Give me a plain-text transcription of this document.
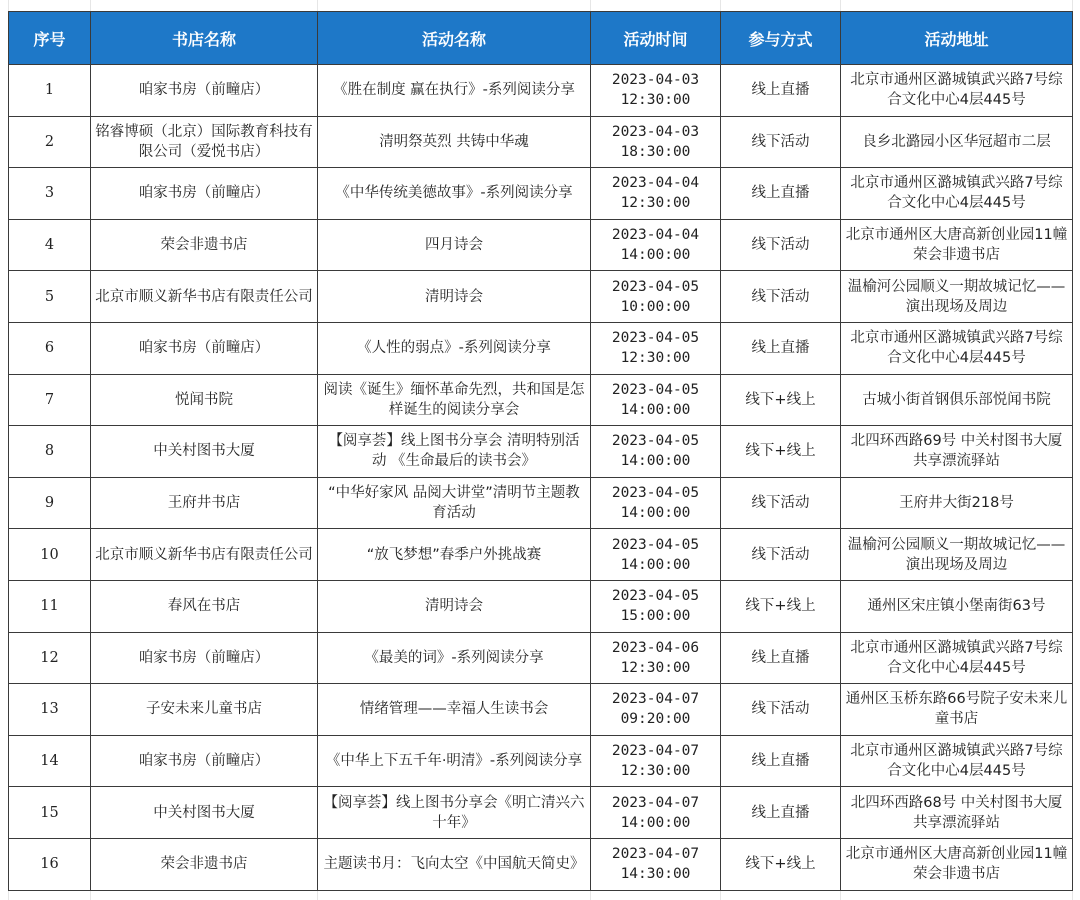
序号	书店名称	活动名称	活动时间	参与方式	活动地址
1	咱家书房（前疃店）	《胜在制度 赢在执行》-系列阅读分享	2023-04-03
12:30:00	线上直播	北京市通州区潞城镇武兴路7号综合文化中心4层445号
2	铭睿博硕（北京）国际教育科技有限公司（爱悦书店）	清明祭英烈 共铸中华魂	2023-04-03
18:30:00	线下活动	良乡北潞园小区华冠超市二层
3	咱家书房（前疃店）	《中华传统美德故事》-系列阅读分享	2023-04-04
12:30:00	线上直播	北京市通州区潞城镇武兴路7号综合文化中心4层445号
4	荣会非遗书店	四月诗会	2023-04-04
14:00:00	线下活动	北京市通州区大唐高新创业园11幢荣会非遗书店
5	北京市顺义新华书店有限责任公司	清明诗会	2023-04-05
10:00:00	线下活动	温榆河公园顺义一期故城记忆——演出现场及周边
6	咱家书房（前疃店）	《人性的弱点》-系列阅读分享	2023-04-05
12:30:00	线上直播	北京市通州区潞城镇武兴路7号综合文化中心4层445号
7	悦闻书院	阅读《诞生》缅怀革命先烈，共和国是怎样诞生的阅读分享会	2023-04-05
14:00:00	线下+线上	古城小街首钢俱乐部悦闻书院
8	中关村图书大厦	【阅享荟】线上图书分享会 清明特别活动 《生命最后的读书会》	2023-04-05
14:00:00	线下+线上	北四环西路69号 中关村图书大厦 共享漂流驿站
9	王府井书店	“中华好家风 品阅大讲堂”清明节主题教育活动	2023-04-05
14:00:00	线下活动	王府井大街218号
10	北京市顺义新华书店有限责任公司	“放飞梦想”春季户外挑战赛	2023-04-05
14:00:00	线下活动	温榆河公园顺义一期故城记忆——演出现场及周边
11	春风在书店	清明诗会	2023-04-05
15:00:00	线下+线上	通州区宋庄镇小堡南街63号
12	咱家书房（前疃店）	《最美的词》-系列阅读分享	2023-04-06
12:30:00	线上直播	北京市通州区潞城镇武兴路7号综合文化中心4层445号
13	子安未来儿童书店	情绪管理——幸福人生读书会	2023-04-07
09:20:00	线下活动	通州区玉桥东路66号院子安未来儿童书店
14	咱家书房（前疃店）	《中华上下五千年·明清》-系列阅读分享	2023-04-07
12:30:00	线上直播	北京市通州区潞城镇武兴路7号综合文化中心4层445号
15	中关村图书大厦	【阅享荟】线上图书分享会《明亡清兴六十年》	2023-04-07
14:00:00	线上直播	北四环西路68号 中关村图书大厦 共享漂流驿站
16	荣会非遗书店	主题读书月：飞向太空《中国航天简史》	2023-04-07
14:30:00	线下+线上	北京市通州区大唐高新创业园11幢荣会非遗书店
